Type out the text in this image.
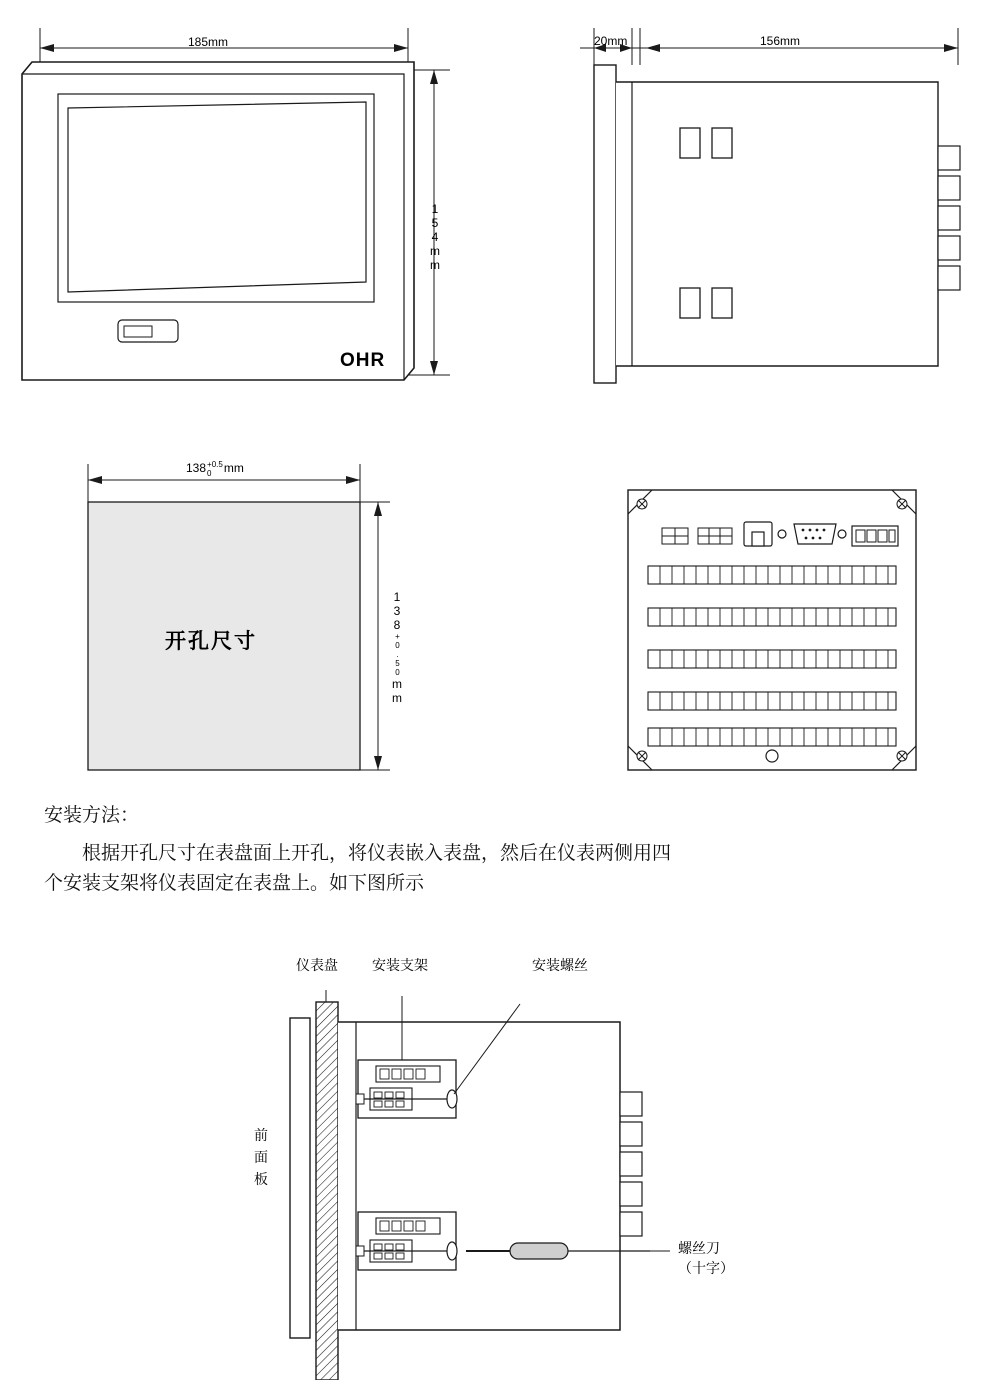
185mm
154mm
OHR
20mm	156mm
138 +0.5
0	mm
138+0.50mm
开孔尺寸
安装方法：
根据开孔尺寸在表盘面上开孔，将仪表嵌入表盘，然后在仪表两侧用四
个安装支架将仪表固定在表盘上。如下图所示
仪表盘 安装支架	安装螺丝
前
面
板
螺丝刀
（十字）
